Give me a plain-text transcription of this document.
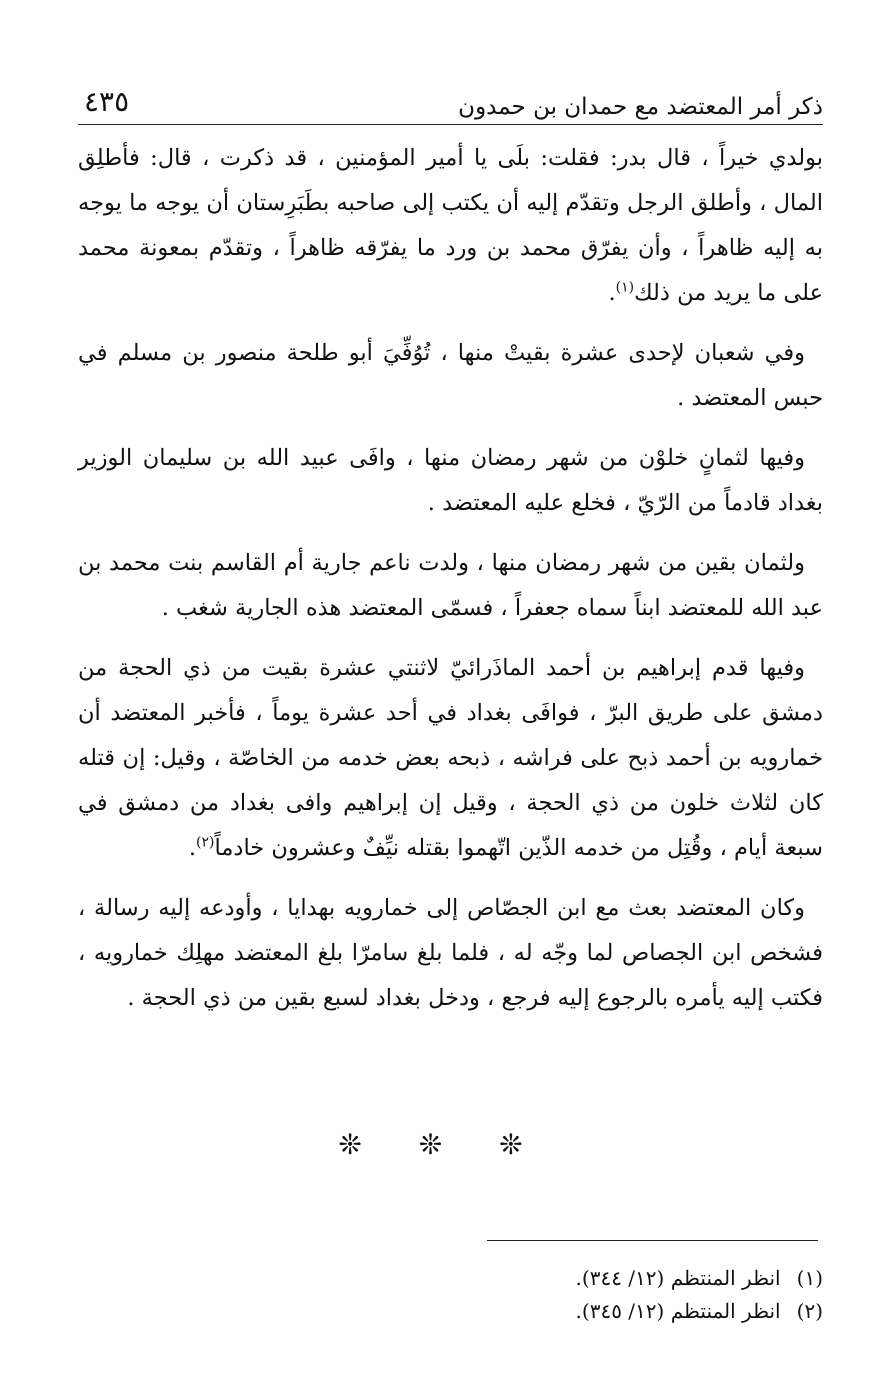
ذكر أمر المعتضد مع حمدان بن حمدون
٤٣٥

بولدي خيراً ، قال بدر: فقلت: بلَى يا أمير المؤمنين ، قد ذكرت ، قال: فأطلِق المال ، وأطلق الرجل وتقدّم إليه أن يكتب إلى صاحبه بطَبَرِستان أن يوجه ما يوجه به إليه ظاهراً ، وأن يفرّق محمد بن ورد ما يفرّقه ظاهراً ، وتقدّم بمعونة محمد على ما يريد من ذلك$^{(١)}$.

وفي شعبان لإحدى عشرة بقيتْ منها ، تُوُفِّيَ أبو طلحة منصور بن مسلم في حبس المعتضد .

وفيها لثمانٍ خلوْن من شهر رمضان منها ، وافَى عبيد الله بن سليمان الوزير بغداد قادماً من الرّيّ ، فخلع عليه المعتضد .

ولثمان بقين من شهر رمضان منها ، ولدت ناعم جارية أم القاسم بنت محمد بن عبد الله للمعتضد ابناً سماه جعفراً ، فسمّى المعتضد هذه الجارية شغب .

وفيها قدم إبراهيم بن أحمد الماذَرائيّ لاثنتي عشرة بقيت من ذي الحجة من دمشق على طريق البرّ ، فوافَى بغداد في أحد عشرة يوماً ، فأخبر المعتضد أن خمارويه بن أحمد ذبح على فراشه ، ذبحه بعض خدمه من الخاصّة ، وقيل: إن قتله كان لثلاث خلون من ذي الحجة ، وقيل إن إبراهيم وافى بغداد من دمشق في سبعة أيام ، وقُتِل من خدمه الذّين اتّهموا بقتله نيِّفٌ وعشرون خادماً$^{(٢)}$.

وكان المعتضد بعث مع ابن الجصّاص إلى خمارويه بهدايا ، وأودعه إليه رسالة ، فشخص ابن الجصاص لما وجّه له ، فلما بلغ سامرّا بلغ المعتضد مهلِك خمارويه ، فكتب إليه يأمره بالرجوع إليه فرجع ، ودخل بغداد لسبع بقين من ذي الحجة .

❊ ❊ ❊
(١)انظر المنتظم (١٢/ ٣٤٤).
(٢)انظر المنتظم (١٢/ ٣٤٥).
